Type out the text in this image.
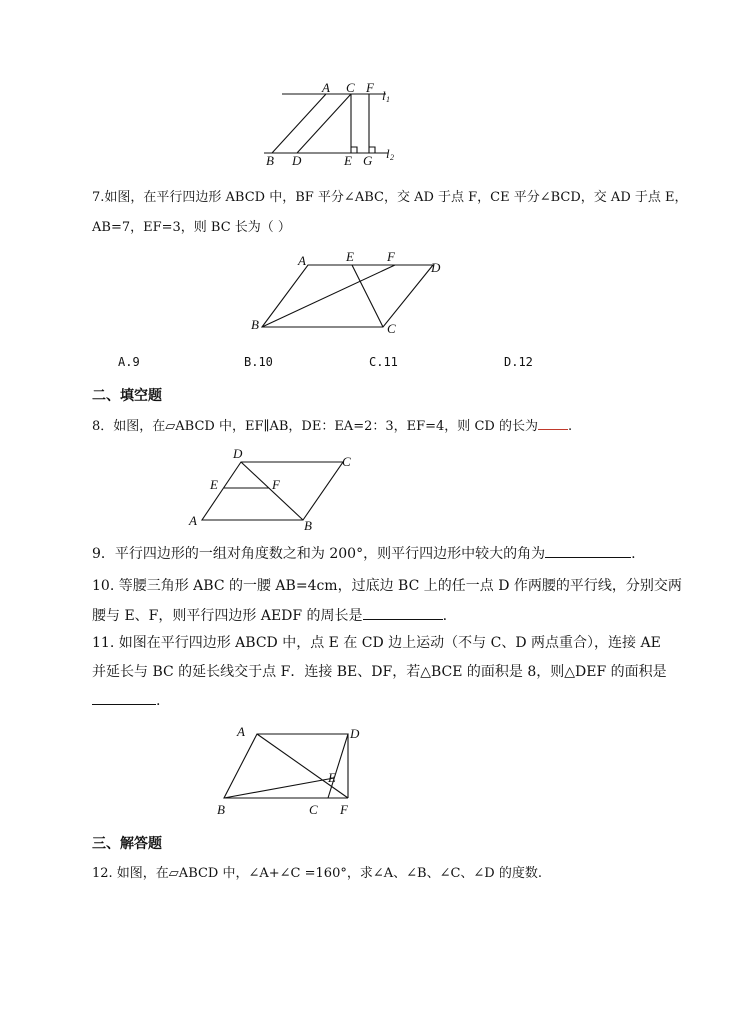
A C F
B D	E G
l 1
l 2
7.如图，在平行四边形 ABCD 中，BF 平分∠ABC，交 AD 于点 F，CE 平分∠BCD，交 AD 于点 E，
AB=7，EF=3，则 BC 长为（ ）
A	E	F
D
B	C
A.9	B.10	C.11	D.12
二、填空题
8．如图，在▱ABCD 中，EF∥AB，DE：EA=2：3，EF=4，则 CD 的长为 .
D
C
E	F
A	B
9．平行四边形的一组对角度数之和为 200°，则平行四边形中较大的角为	.
10. 等腰三角形 ABC 的一腰 AB=4cm，过底边 BC 上的任一点 D 作两腰的平行线，分别交两
腰与 E、F，则平行四边形 AEDF 的周长是	.
11. 如图在平行四边形 ABCD 中，点 E 在 CD 边上运动（不与 C、D 两点重合），连接 AE
并延长与 BC 的延长线交于点 F．连接 BE、DF，若△BCE 的面积是 8，则△DEF 的面积是
.
A	D
E
B	C F
三、解答题
12. 如图，在▱ABCD 中，∠A+∠C =160°，求∠A、∠B、∠C、∠D 的度数.
